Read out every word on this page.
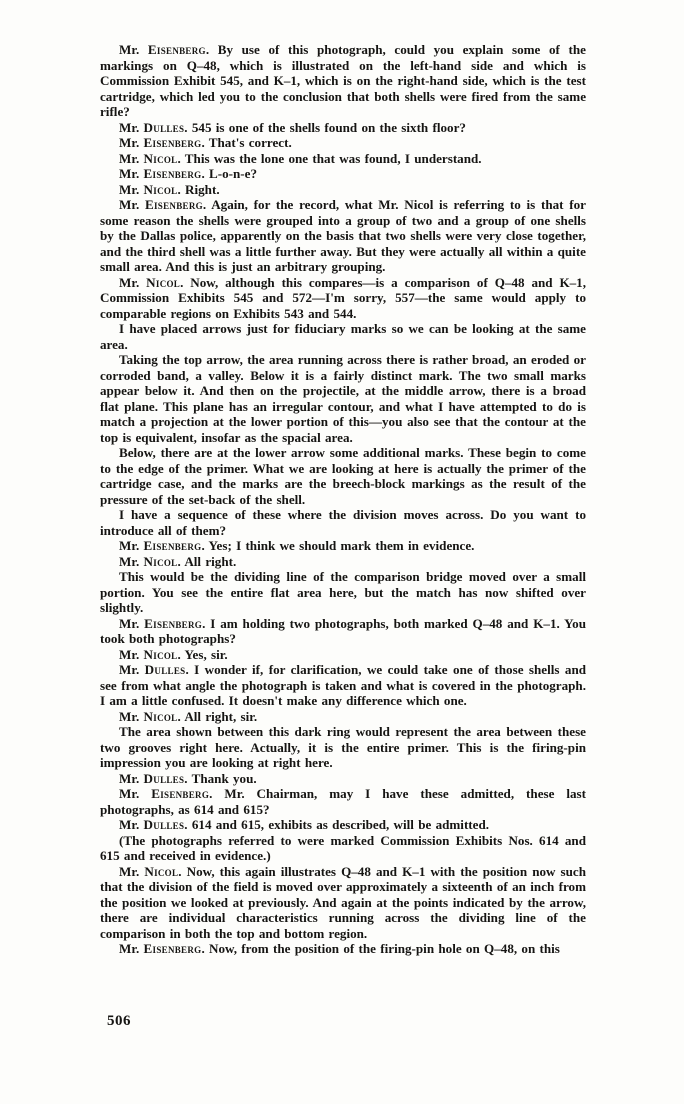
Mr. Eisenberg. By use of this photograph, could you explain some of the markings on Q–48, which is illustrated on the left-hand side and which is Commission Exhibit 545, and K–1, which is on the right-hand side, which is the test cartridge, which led you to the conclusion that both shells were fired from the same rifle?

Mr. Dulles. 545 is one of the shells found on the sixth floor?

Mr. Eisenberg. That's correct.

Mr. Nicol. This was the lone one that was found, I understand.

Mr. Eisenberg. L-o-n-e?

Mr. Nicol. Right.

Mr. Eisenberg. Again, for the record, what Mr. Nicol is referring to is that for some reason the shells were grouped into a group of two and a group of one shells by the Dallas police, apparently on the basis that two shells were very close together, and the third shell was a little further away. But they were actually all within a quite small area. And this is just an arbitrary grouping.

Mr. Nicol. Now, although this compares—is a comparison of Q–48 and K–1, Commission Exhibits 545 and 572—I'm sorry, 557—the same would apply to comparable regions on Exhibits 543 and 544.

I have placed arrows just for fiduciary marks so we can be looking at the same area.

Taking the top arrow, the area running across there is rather broad, an eroded or corroded band, a valley. Below it is a fairly distinct mark. The two small marks appear below it. And then on the projectile, at the middle arrow, there is a broad flat plane. This plane has an irregular contour, and what I have attempted to do is match a projection at the lower portion of this—you also see that the contour at the top is equivalent, insofar as the spacial area.

Below, there are at the lower arrow some additional marks. These begin to come to the edge of the primer. What we are looking at here is actually the primer of the cartridge case, and the marks are the breech-block markings as the result of the pressure of the set-back of the shell.

I have a sequence of these where the division moves across. Do you want to introduce all of them?

Mr. Eisenberg. Yes; I think we should mark them in evidence.

Mr. Nicol. All right.

This would be the dividing line of the comparison bridge moved over a small portion. You see the entire flat area here, but the match has now shifted over slightly.

Mr. Eisenberg. I am holding two photographs, both marked Q–48 and K–1. You took both photographs?

Mr. Nicol. Yes, sir.

Mr. Dulles. I wonder if, for clarification, we could take one of those shells and see from what angle the photograph is taken and what is covered in the photograph. I am a little confused. It doesn't make any difference which one.

Mr. Nicol. All right, sir.

The area shown between this dark ring would represent the area between these two grooves right here. Actually, it is the entire primer. This is the firing-pin impression you are looking at right here.

Mr. Dulles. Thank you.

Mr. Eisenberg. Mr. Chairman, may I have these admitted, these last photographs, as 614 and 615?

Mr. Dulles. 614 and 615, exhibits as described, will be admitted.

(The photographs referred to were marked Commission Exhibits Nos. 614 and 615 and received in evidence.)

Mr. Nicol. Now, this again illustrates Q–48 and K–1 with the position now such that the division of the field is moved over approximately a sixteenth of an inch from the position we looked at previously. And again at the points indicated by the arrow, there are individual characteristics running across the dividing line of the comparison in both the top and bottom region.

Mr. Eisenberg. Now, from the position of the firing-pin hole on Q–48, on this

506
